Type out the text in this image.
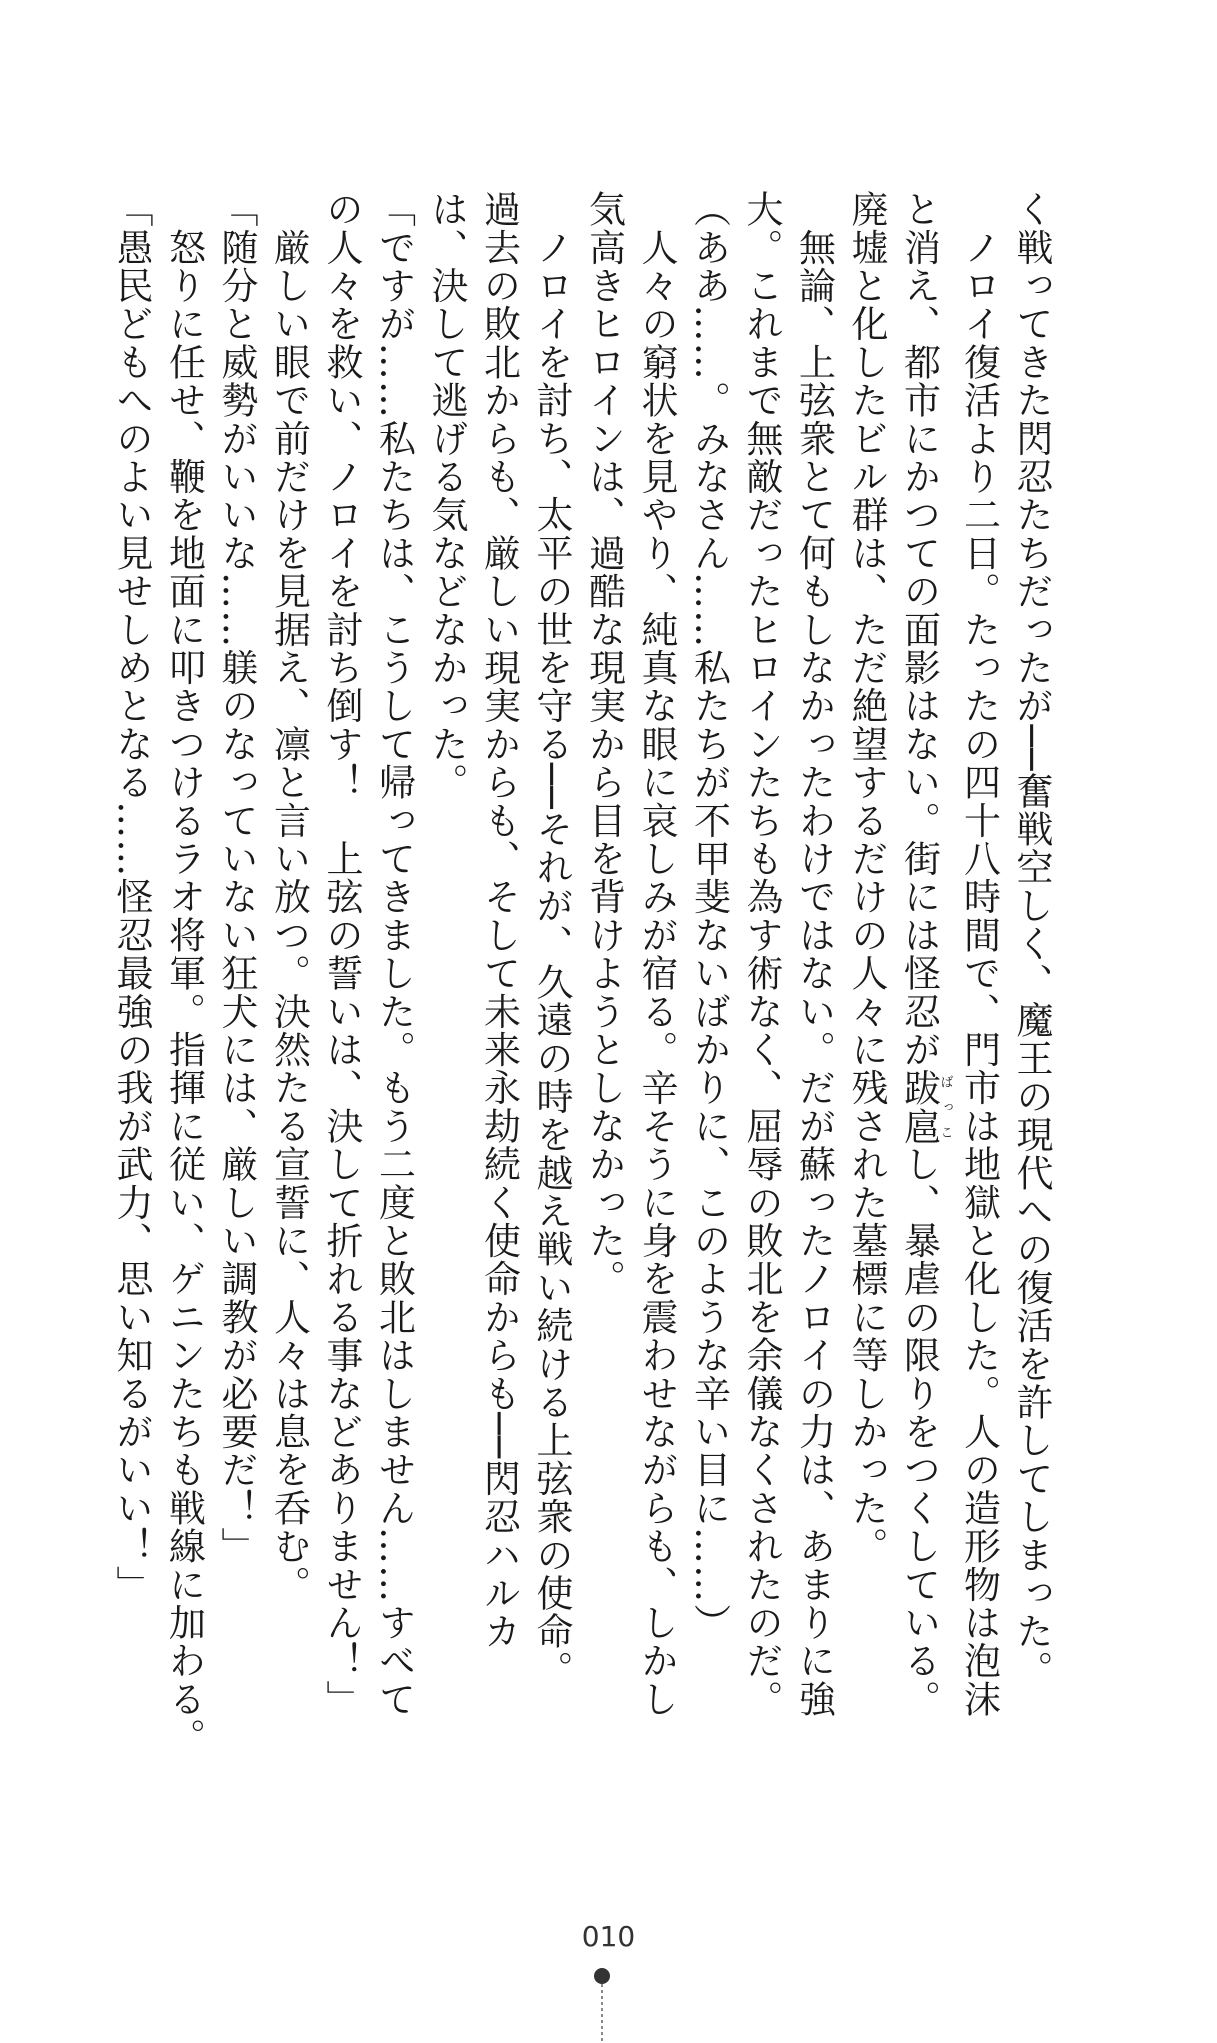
く戦ってきた閃忍たちだったが──奮戦空しく、魔王の現代への復活を許してしまった。

　ノロイ復活より二日。たったの四十八時間で、門市は地獄と化した。人の造形物は泡沫

と消え、都市にかつての面影はない。街には怪忍が跋扈ばっこし、暴虐の限りをつくしている。

廃墟と化したビル群は、ただ絶望するだけの人々に残された墓標に等しかった。

　無論、上弦衆とて何もしなかったわけではない。だが蘇ったノロイの力は、あまりに強

大。これまで無敵だったヒロインたちも為す術なく、屈辱の敗北を余儀なくされたのだ。

（ああ……。みなさん……私たちが不甲斐ないばかりに、このような辛い目に……）

　人々の窮状を見やり、純真な眼に哀しみが宿る。辛そうに身を震わせながらも、しかし

気高きヒロインは、過酷な現実から目を背けようとしなかった。

　ノロイを討ち、太平の世を守る──それが、久遠の時を越え戦い続ける上弦衆の使命。

過去の敗北からも、厳しい現実からも、そして未来永劫続く使命からも──閃忍ハルカ

は、決して逃げる気などなかった。

「ですが……私たちは、こうして帰ってきました。もう二度と敗北はしません……すべて

の人々を救い、ノロイを討ち倒す！　上弦の誓いは、決して折れる事などありません！」

　厳しい眼で前だけを見据え、凛と言い放つ。決然たる宣誓に、人々は息を呑む。

「随分と威勢がいいな……躾のなっていない狂犬には、厳しい調教が必要だ！」

　怒りに任せ、鞭を地面に叩きつけるラオ将軍。指揮に従い、ゲニンたちも戦線に加わる。

「愚民どもへのよい見せしめとなる……怪忍最強の我が武力、思い知るがいい！」

010
